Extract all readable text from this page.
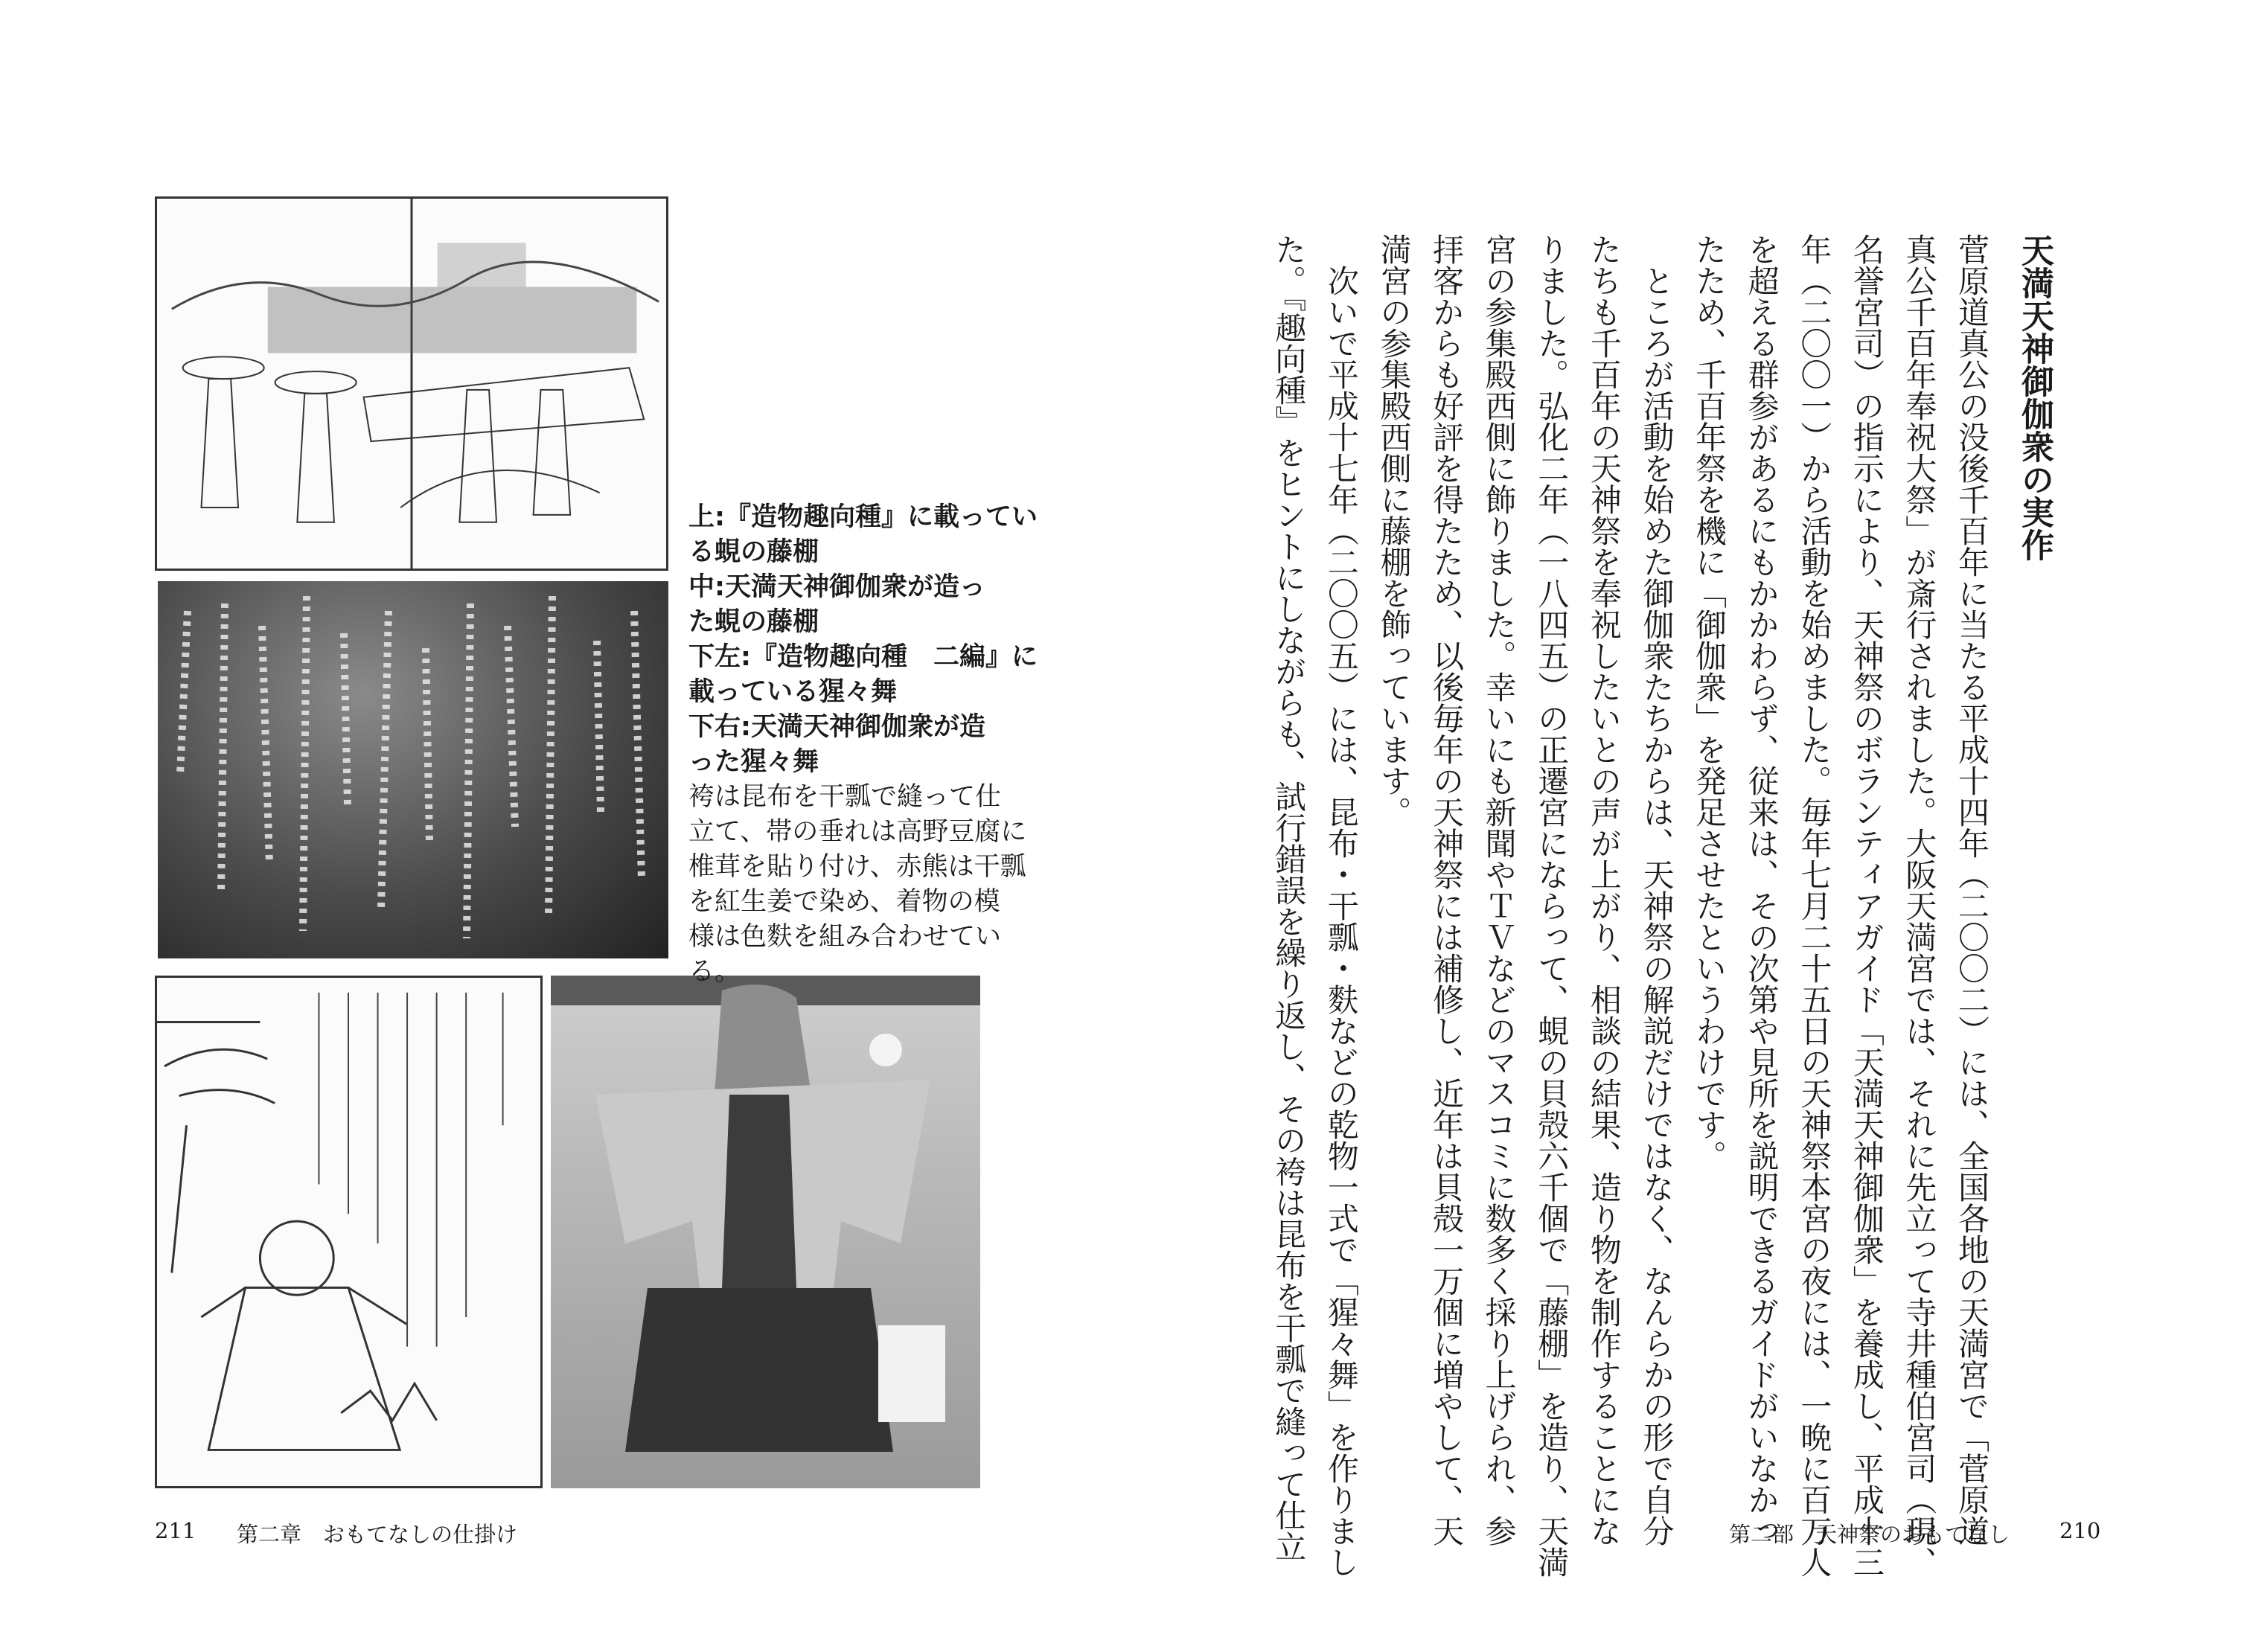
上:『造物趣向種』に載ってい
る蜆の藤棚
中:天満天神御伽衆が造っ
た蜆の藤棚
下左:『造物趣向種　二編』に
載っている猩々舞
下右:天満天神御伽衆が造
った猩々舞
袴は昆布を干瓢で縫って仕
立て、帯の垂れは高野豆腐に
椎茸を貼り付け、赤熊は干瓢
を紅生姜で染め、着物の模
様は色麩を組み合わせてい
る。
天満天神御伽衆の実作
菅原道真公の没後千百年に当たる平成十四年（二〇〇二）には、全国各地の天満宮で「菅原道
真公千百年奉祝大祭」が斎行されました。大阪天満宮では、それに先立って寺井種伯宮司（現、
名誉宮司）の指示により、天神祭のボランティアガイド「天満天神御伽衆」を養成し、平成十三
年（二〇〇一）から活動を始めました。毎年七月二十五日の天神祭本宮の夜には、一晩に百万人
を超える群参があるにもかかわらず、従来は、その次第や見所を説明できるガイドがいなかっ
たため、千百年祭を機に「御伽衆」を発足させたというわけです。
　ところが活動を始めた御伽衆たちからは、天神祭の解説だけではなく、なんらかの形で自分
たちも千百年の天神祭を奉祝したいとの声が上がり、相談の結果、造り物を制作することにな
りました。弘化二年（一八四五）の正遷宮にならって、蜆の貝殻六千個で「藤棚」を造り、天満
宮の参集殿西側に飾りました。幸いにも新聞やＴＶなどのマスコミに数多く採り上げられ、参
拝客からも好評を得たため、以後毎年の天神祭には補修し、近年は貝殻一万個に増やして、天
満宮の参集殿西側に藤棚を飾っています。
　次いで平成十七年（二〇〇五）には、昆布・干瓢・麩などの乾物一式で「猩々舞」を作りまし
た。『趣向種』をヒントにしながらも、試行錯誤を繰り返し、その袴は昆布を干瓢で縫って仕立
211 第二章　おもてなしの仕掛け	第二部　天神祭のおもてなし 210
